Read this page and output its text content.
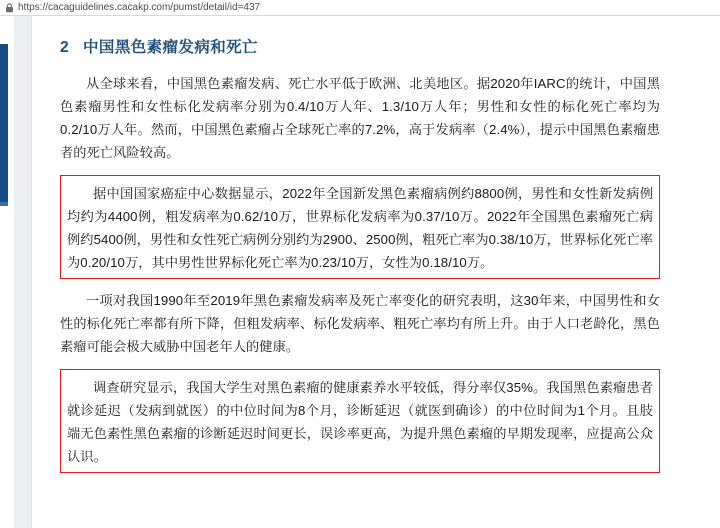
https://cacaguidelines.cacakp.com/pumst/detail/id=437
2 中国黑色素瘤发病和死亡

从全球来看，中国黑色素瘤发病、死亡水平低于欧洲、北美地区。据2020年IARC的统计，中国黑色素瘤男性和女性标化发病率分别为0.4/10万人年、1.3/10万人年；男性和女性的标化死亡率均为0.2/10万人年。然而，中国黑色素瘤占全球死亡率的7.2%，高于发病率（2.4%），提示中国黑色素瘤患者的死亡风险较高。

据中国国家癌症中心数据显示，2022年全国新发黑色素瘤病例约8800例，男性和女性新发病例均约为4400例，粗发病率为0.62/10万，世界标化发病率为0.37/10万。2022年全国黑色素瘤死亡病例约5400例，男性和女性死亡病例分别约为2900、2500例，粗死亡率为0.38/10万，世界标化死亡率为0.20/10万，其中男性世界标化死亡率为0.23/10万，女性为0.18/10万。

一项对我国1990年至2019年黑色素瘤发病率及死亡率变化的研究表明，这30年来，中国男性和女性的标化死亡率都有所下降，但粗发病率、标化发病率、粗死亡率均有所上升。由于人口老龄化，黑色素瘤可能会极大威胁中国老年人的健康。

调查研究显示，我国大学生对黑色素瘤的健康素养水平较低，得分率仅35%。我国黑色素瘤患者就诊延迟（发病到就医）的中位时间为8个月，诊断延迟（就医到确诊）的中位时间为1个月。且肢端无色素性黑色素瘤的诊断延迟时间更长，误诊率更高，为提升黑色素瘤的早期发现率，应提高公众认识。
